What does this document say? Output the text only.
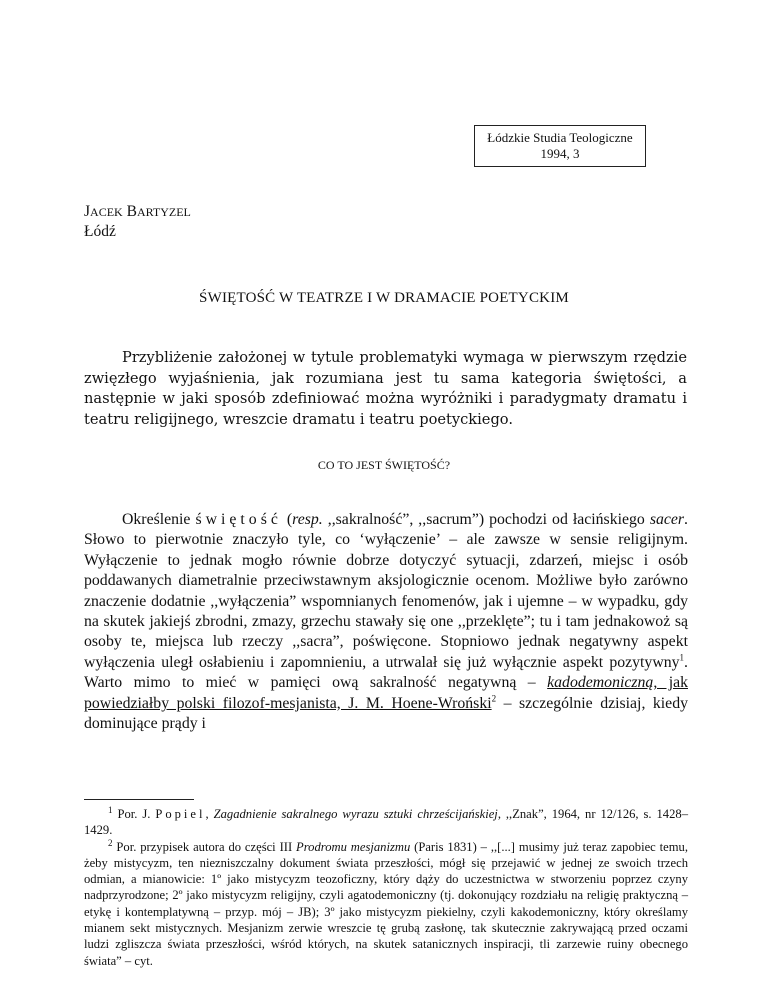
Łódzkie Studia Teologiczne
1994, 3
JACEK BARTYZEL
Łódź
ŚWIĘTOŚĆ W TEATRZE I W DRAMACIE POETYCKIM
Przybliżenie założonej w tytule problematyki wymaga w pierwszym rzędzie zwięzłego wyjaśnienia, jak rozumiana jest tu sama kategoria świętości, a następnie w jaki sposób zdefiniować można wyróżniki i paradygmaty dramatu i teatru religijnego, wreszcie dramatu i teatru poetyckiego.
CO TO JEST ŚWIĘTOŚĆ?
Określenie świętość (resp. ,,sakralność”, ,,sacrum”) pochodzi od łacińskiego sacer. Słowo to pierwotnie znaczyło tyle, co ‘wyłączenie’ – ale zawsze w sensie religijnym. Wyłączenie to jednak mogło równie dobrze dotyczyć sytuacji, zdarzeń, miejsc i osób poddawanych diametralnie przeciwstawnym aksjologicznie ocenom. Możliwe było zarówno znaczenie dodatnie ,,wyłączenia” wspomnianych fenomenów, jak i ujemne – w wypadku, gdy na skutek jakiejś zbrodni, zmazy, grzechu stawały się one ,,przeklęte”; tu i tam jednakowoż są osoby te, miejsca lub rzeczy ,,sacra”, poświęcone. Stopniowo jednak negatywny aspekt wyłączenia uległ osłabieniu i zapomnieniu, a utrwalał się już wyłącznie aspekt pozytywny$^1$. Warto mimo to mieć w pamięci ową sakralność negatywną – kadodemoniczną, jak powiedziałby polski filozof-mesjanista, J. M. Hoene-Wroński$^2$ – szczególnie dzisiaj, kiedy dominujące prądy i

$^1$ Por. J. Popiel, Zagadnienie sakralnego wyrazu sztuki chrześcijańskiej, ,,Znak”, 1964, nr 12/126, s. 1428–1429.

$^2$ Por. przypisek autora do części III Prodromu mesjanizmu (Paris 1831) – ,,[...] musimy już teraz zapobiec temu, żeby mistycyzm, ten niezniszczalny dokument świata przeszłości, mógł się przejawić w jednej ze swoich trzech odmian, a mianowicie: 1º jako mistycyzm teozoficzny, który dąży do uczestnictwa w stworzeniu poprzez czyny nadprzyrodzone; 2º jako mistycyzm religijny, czyli agatodemoniczny (tj. dokonujący rozdziału na religię praktyczną – etykę i kontemplatywną – przyp. mój – JB); 3º jako mistycyzm piekielny, czyli kakodemoniczny, który określamy mianem sekt mistycznych. Mesjanizm zerwie wreszcie tę grubą zasłonę, tak skutecznie zakrywającą przed oczami ludzi zgliszcza świata przeszłości, wśród których, na skutek satanicznych inspiracji, tli zarzewie ruiny obecnego świata” – cyt.
